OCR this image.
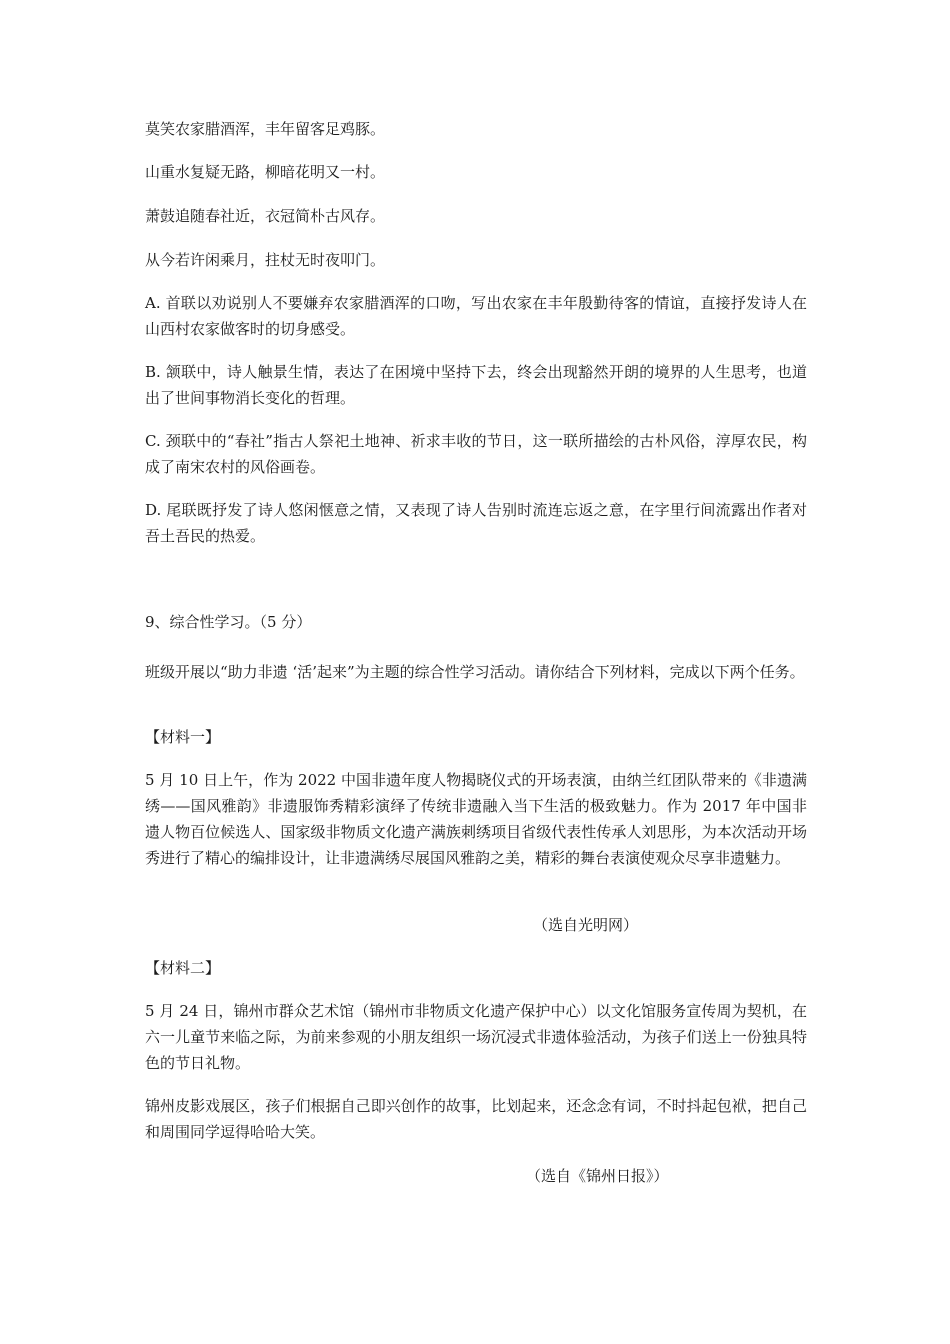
莫笑农家腊酒浑，丰年留客足鸡豚。

山重水复疑无路，柳暗花明又一村。

萧鼓追随春社近，衣冠简朴古风存。

从今若许闲乘月，拄杖无时夜叩门。

A. 首联以劝说别人不要嫌弃农家腊酒浑的口吻，写出农家在丰年殷勤待客的情谊，直接抒发诗人在山西村农家做客时的切身感受。

B. 颔联中，诗人触景生情，表达了在困境中坚持下去，终会出现豁然开朗的境界的人生思考，也道出了世间事物消长变化的哲理。

C. 颈联中的“春社”指古人祭祀土地神、祈求丰收的节日，这一联所描绘的古朴风俗，淳厚农民，构成了南宋农村的风俗画卷。

D. 尾联既抒发了诗人悠闲惬意之情，又表现了诗人告别时流连忘返之意，在字里行间流露出作者对吾土吾民的热爱。

9、综合性学习。（5 分）

班级开展以“助力非遗 ‘活’起来”为主题的综合性学习活动。请你结合下列材料，完成以下两个任务。

【材料一】

5 月 10 日上午，作为 2022 中国非遗年度人物揭晓仪式的开场表演，由纳兰红团队带来的《非遗满绣——国风雅韵》非遗服饰秀精彩演绎了传统非遗融入当下生活的极致魅力。作为 2017 年中国非遗人物百位候选人、国家级非物质文化遗产满族刺绣项目省级代表性传承人刘思彤，为本次活动开场秀进行了精心的编排设计，让非遗满绣尽展国风雅韵之美，精彩的舞台表演使观众尽享非遗魅力。

（选自光明网）

【材料二】

5 月 24 日，锦州市群众艺术馆（锦州市非物质文化遗产保护中心）以文化馆服务宣传周为契机，在六一儿童节来临之际，为前来参观的小朋友组织一场沉浸式非遗体验活动，为孩子们送上一份独具特色的节日礼物。

锦州皮影戏展区，孩子们根据自己即兴创作的故事，比划起来，还念念有词，不时抖起包袱，把自己和周围同学逗得哈哈大笑。

（选自《锦州日报》）
